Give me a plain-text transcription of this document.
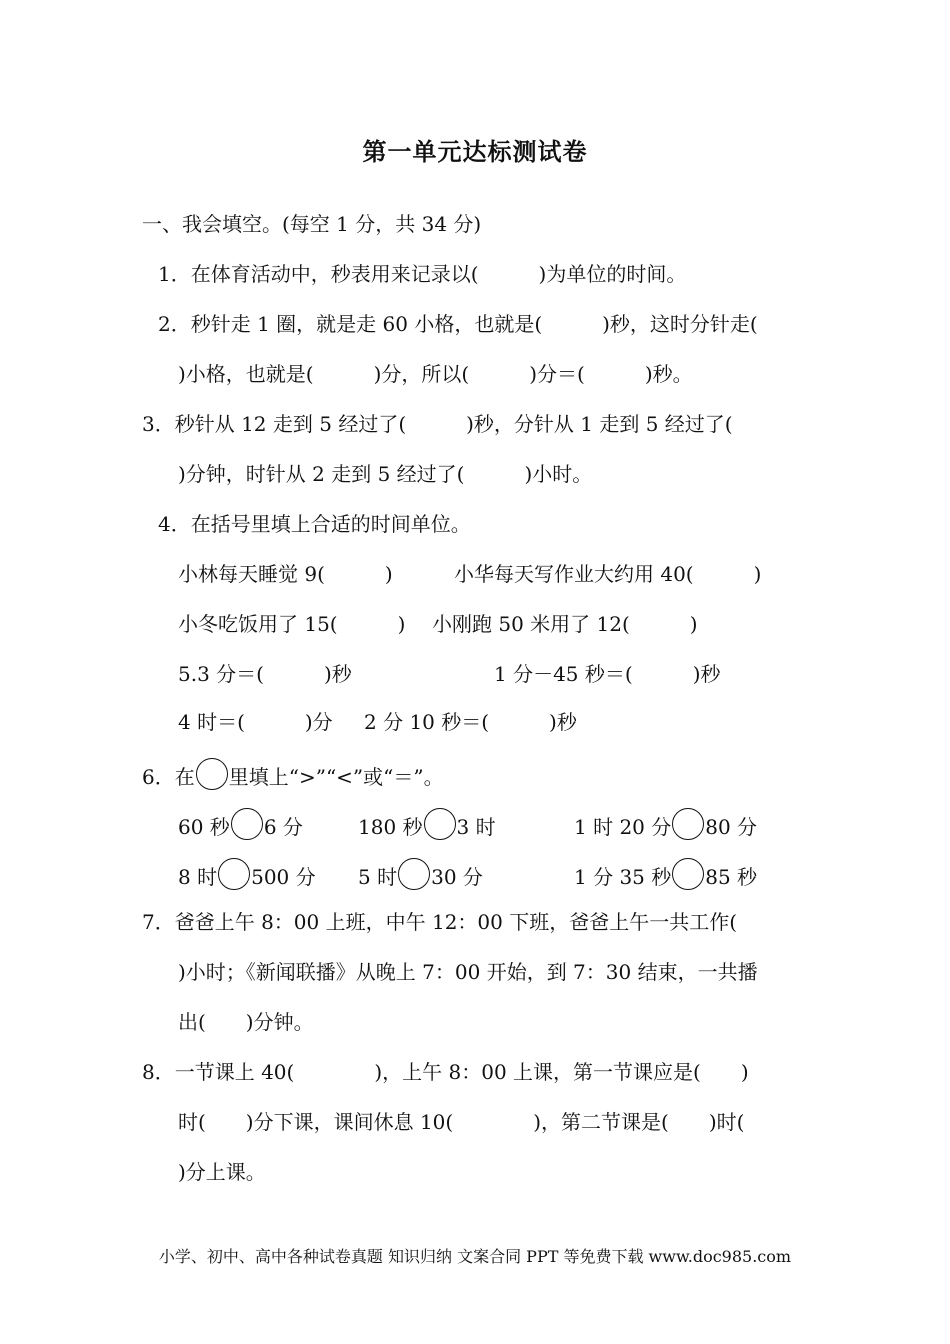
第一单元达标测试卷
一、我会填空。(每空 1 分，共 34 分)
1．在体育活动中，秒表用来记录以(　　　)为单位的时间。
2．秒针走 1 圈，就是走 60 小格，也就是(　　　)秒，这时分针走(
)小格，也就是(　　　)分，所以(　　　)分＝(　　　)秒。
3．秒针从 12 走到 5 经过了(　　　)秒，分针从 1 走到 5 经过了(
)分钟，时针从 2 走到 5 经过了(　　　)小时。
4．在括号里填上合适的时间单位。
小林每天睡觉 9(　　　)	小华每天写作业大约用 40(　　　)
小冬吃饭用了 15(　　　) 小刚跑 50 米用了 12(　　　)
5.3 分＝(　　　)秒	1 分－45 秒＝(　　　)秒
4 时＝(　　　)分 2 分 10 秒＝(　　　)秒
6．在 里填上“>”“<”或“＝”。
60 秒 6 分	180 秒 3 时	1 时 20 分 80 分
8 时 500 分 5 时 30 分	1 分 35 秒 85 秒
7．爸爸上午 8：00 上班，中午 12：00 下班，爸爸上午一共工作(
)小时；《新闻联播》从晚上 7：00 开始，到 7：30 结束，一共播
出(　　)分钟。
8．一节课上 40(　　　　)，上午 8：00 上课，第一节课应是(　　)
时(　　)分下课，课间休息 10(　　　　)，第二节课是(　　)时(
)分上课。
小学、初中、高中各种试卷真题 知识归纳 文案合同 PPT 等免费下载 www.doc985.com
